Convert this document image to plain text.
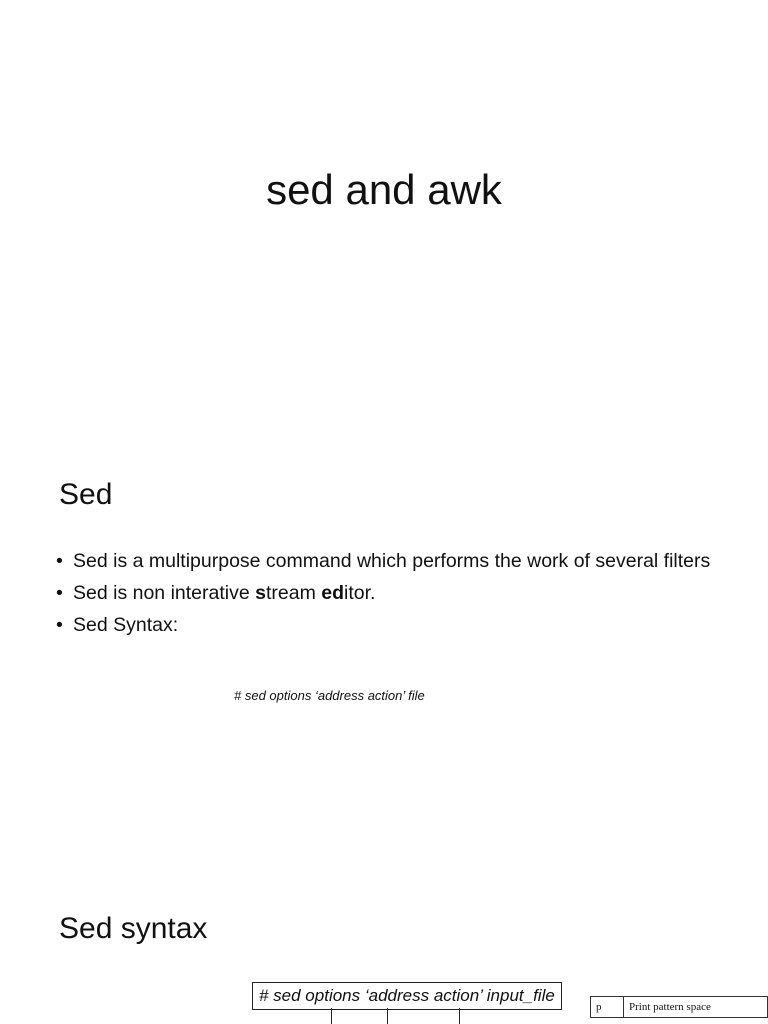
sed and awk
Sed
• Sed is a multipurpose command which performs the work of several filters
• Sed is non interative stream editor.
• Sed Syntax:
# sed options ‘address action’ file
Sed syntax
# sed options ‘address action’ input_file
p	Print pattern space
